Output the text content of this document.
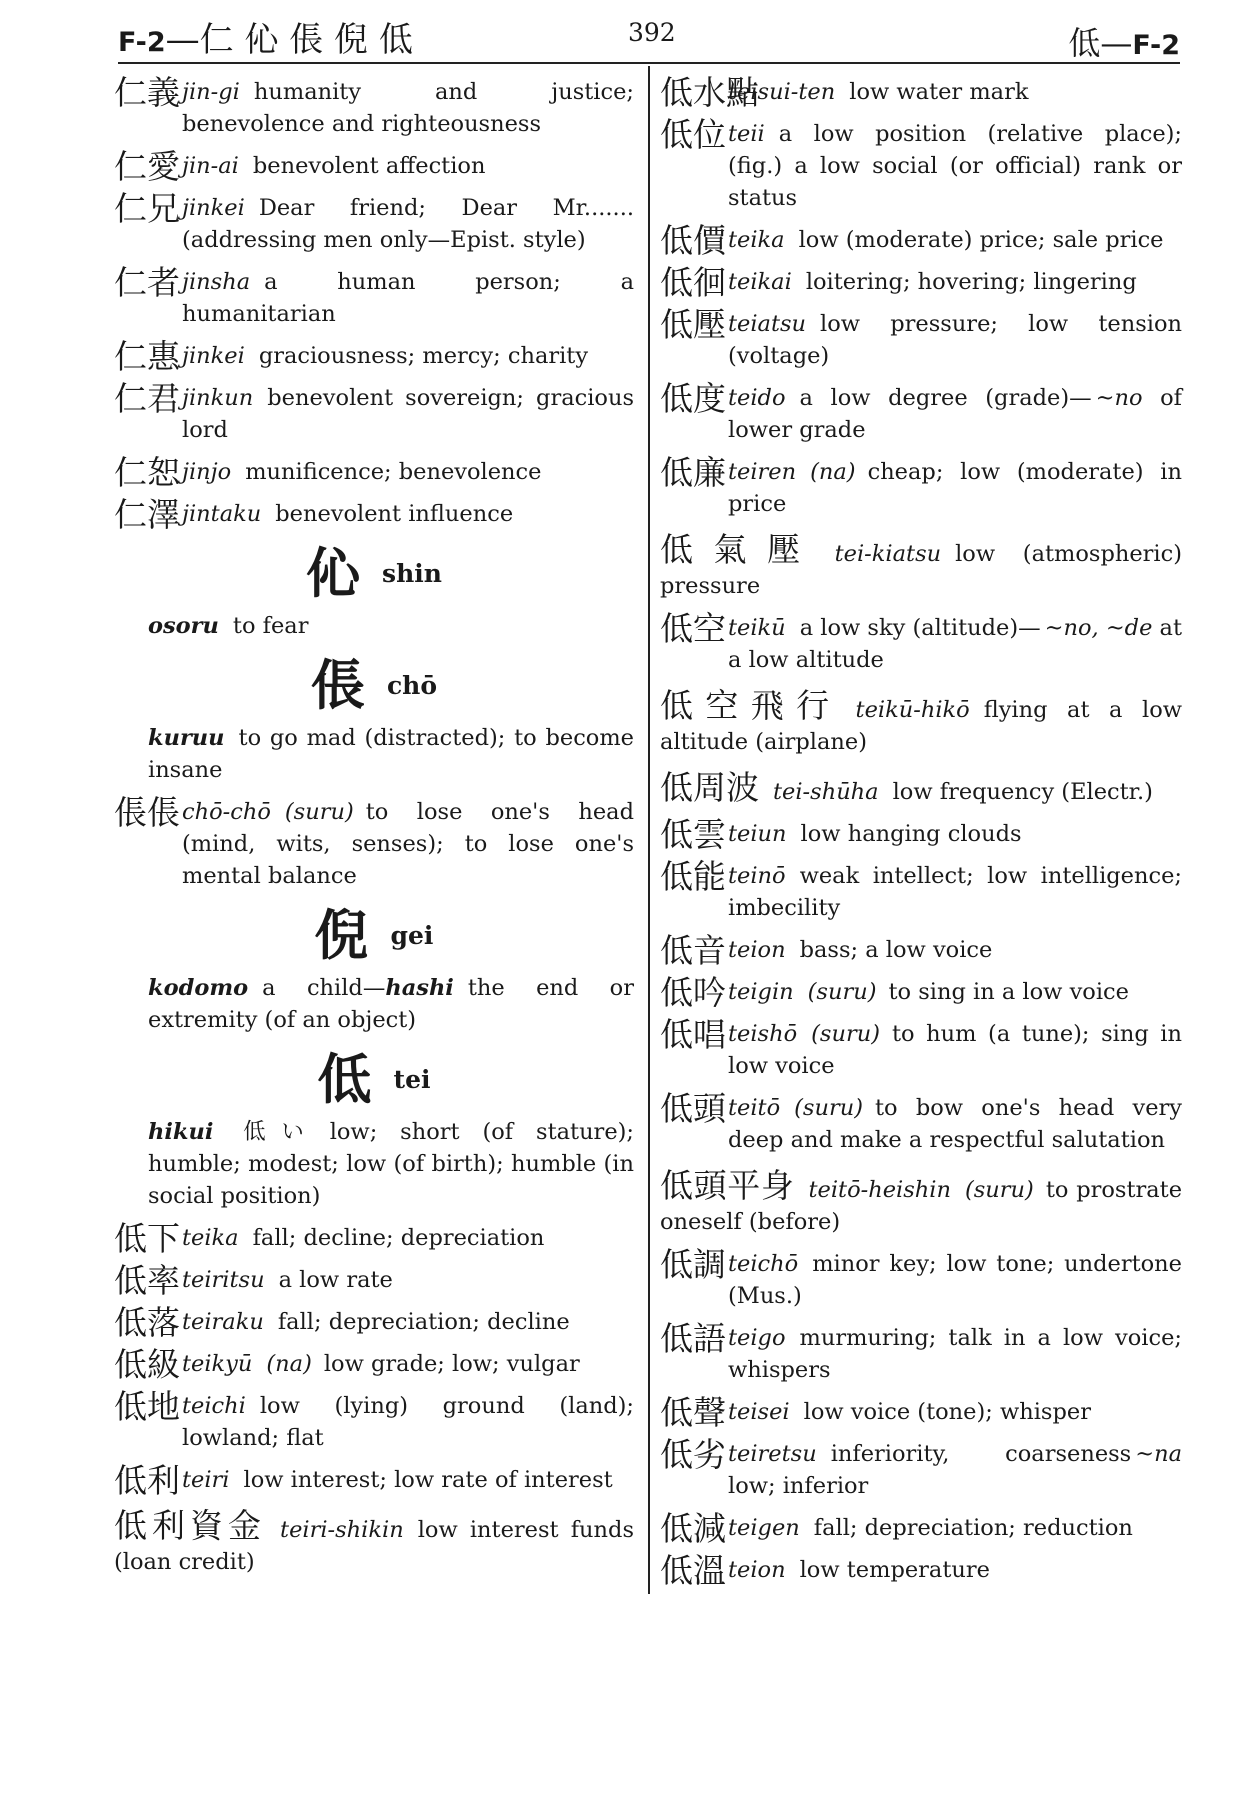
F-2—仁 伈 倀 倪 低	392	低—F-2
仁義 jin-gi humanity and justice; benevolence and righteousness
仁愛 jin-ai benevolent affection
仁兄 jinkei Dear friend; Dear Mr....... (addressing men only—Epist. style)
仁者 jinsha a human person; a humanitarian
仁惠 jinkei graciousness; mercy; charity
仁君 jinkun benevolent sovereign; gracious lord
仁恕 jinjo munificence; benevolence
仁澤 jintaku benevolent influence
伈shin
osoru to fear
倀chō
kuruu to go mad (distracted); to become insane
倀倀 chō-chō (suru) to lose one's head (mind, wits, senses); to lose one's mental balance
倪gei
kodomo a child—hashi the end or extremity (of an object)
低tei
hikui 低い low; short (of stature); humble; modest; low (of birth); humble (in social position)
低下 teika fall; decline; depreciation
低率 teiritsu a low rate
低落 teiraku fall; depreciation; decline
低級 teikyū (na) low grade; low; vulgar
低地 teichi low (lying) ground (land); lowland; flat
低利 teiri low interest; low rate of interest
低利資金 teiri-shikin low interest funds (loan credit)
低水點
teisui-ten low water mark
低位 teii a low position (relative place); (fig.) a low social (or official) rank or status
低價 teika low (moderate) price; sale price
低徊 teikai loitering; hovering; lingering
低壓 teiatsu low pressure; low tension (voltage)
低度 teido a low degree (grade)— ~no of lower grade
低廉 teiren (na) cheap; low (moderate) in price
低氣壓 tei-kiatsu low (atmospheric) pressure
低空 teikū a low sky (altitude)— ~no, ~de at a low altitude
低空飛行 teikū-hikō flying at a low altitude (airplane)
低周波 tei-shūha low frequency (Electr.)
低雲 teiun low hanging clouds
低能 teinō weak intellect; low intelligence; imbecility
低音 teion bass; a low voice
低吟 teigin (suru) to sing in a low voice
低唱 teishō (suru) to hum (a tune); sing in low voice
低頭 teitō (suru) to bow one's head very deep and make a respectful salutation
低頭平身 teitō-heishin (suru) to prostrate oneself (before)
低調 teichō minor key; low tone; undertone (Mus.)
低語 teigo murmuring; talk in a low voice; whispers
低聲 teisei low voice (tone); whisper
低劣 teiretsu inferiority, coarseness ~na low; inferior
低減 teigen fall; depreciation; reduction
低溫 teion low temperature
